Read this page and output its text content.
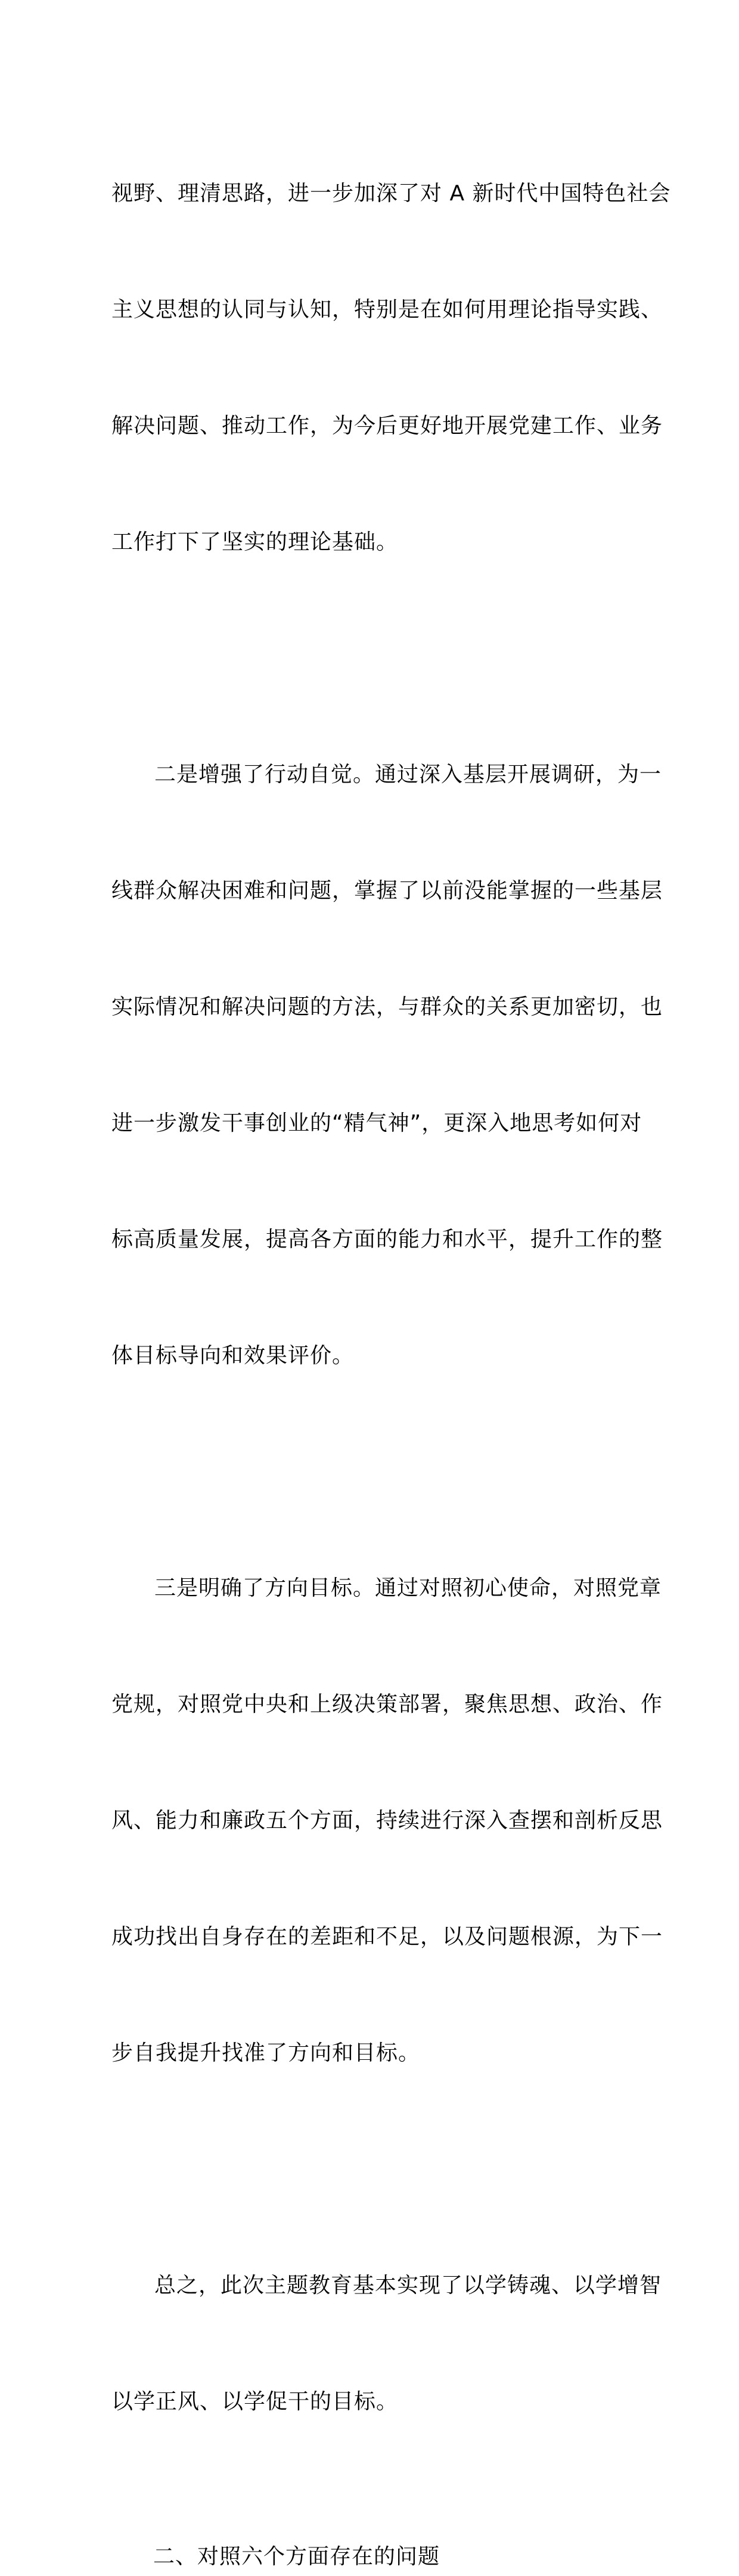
视野、理清思路，进一步加深了对 A 新时代中国特色社会

主义思想的认同与认知，特别是在如何用理论指导实践、

解决问题、推动工作，为今后更好地开展党建工作、业务

工作打下了坚实的理论基础。

二是增强了行动自觉。通过深入基层开展调研，为一

线群众解决困难和问题，掌握了以前没能掌握的一些基层

实际情况和解决问题的方法，与群众的关系更加密切，也

进一步激发干事创业的“精气神”，更深入地思考如何对

标高质量发展，提高各方面的能力和水平，提升工作的整

体目标导向和效果评价。

三是明确了方向目标。通过对照初心使命，对照党章

党规，对照党中央和上级决策部署，聚焦思想、政治、作

风、能力和廉政五个方面，持续进行深入查摆和剖析反思

成功找出自身存在的差距和不足，以及问题根源，为下一

步自我提升找准了方向和目标。

总之，此次主题教育基本实现了以学铸魂、以学增智

以学正风、以学促干的目标。

二、对照六个方面存在的问题
